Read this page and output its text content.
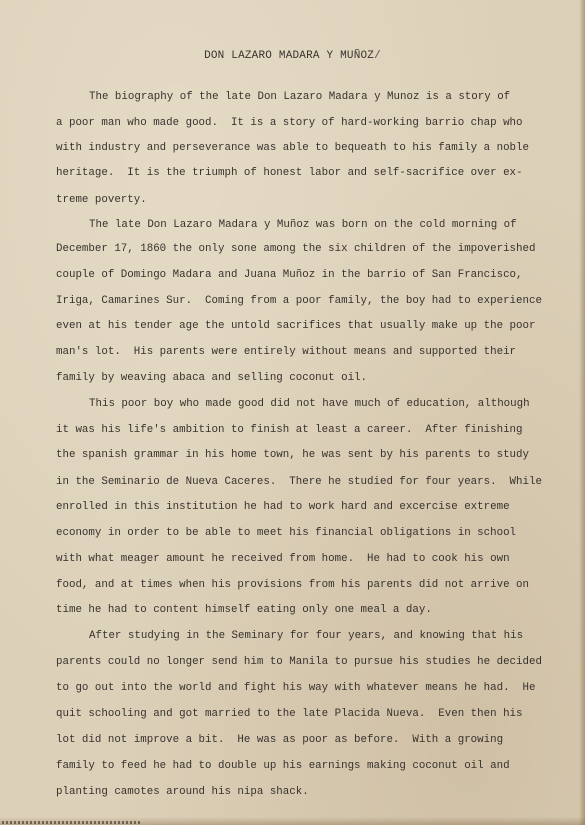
DON LAZARO MADARA Y MUÑOZ/
The biography of the late Don Lazaro Madara y Munoz is a story of
a poor man who made good.  It is a story of hard-working barrio chap who
with industry and perseverance was able to bequeath to his family a noble
heritage.  It is the triumph of honest labor and self-sacrifice over ex-
treme poverty.
The late Don Lazaro Madara y Muñoz was born on the cold morning of
December 17, 1860 the only sone among the six children of the impoverished
couple of Domingo Madara and Juana Muñoz in the barrio of San Francisco,
Iriga, Camarines Sur.  Coming from a poor family, the boy had to experience
even at his tender age the untold sacrifices that usually make up the poor
man's lot.  His parents were entirely without means and supported their
family by weaving abaca and selling coconut oil.
This poor boy who made good did not have much of education, although
it was his life's ambition to finish at least a career.  After finishing
the spanish grammar in his home town, he was sent by his parents to study
in the Seminario de Nueva Caceres.  There he studied for four years.  While
enrolled in this institution he had to work hard and excercise extreme
economy in order to be able to meet his financial obligations in school
with what meager amount he received from home.  He had to cook his own
food, and at times when his provisions from his parents did not arrive on
time he had to content himself eating only one meal a day.
After studying in the Seminary for four years, and knowing that his
parents could no longer send him to Manila to pursue his studies he decided
to go out into the world and fight his way with whatever means he had.  He
quit schooling and got married to the late Placida Nueva.  Even then his
lot did not improve a bit.  He was as poor as before.  With a growing
family to feed he had to double up his earnings making coconut oil and
planting camotes around his nipa shack.
